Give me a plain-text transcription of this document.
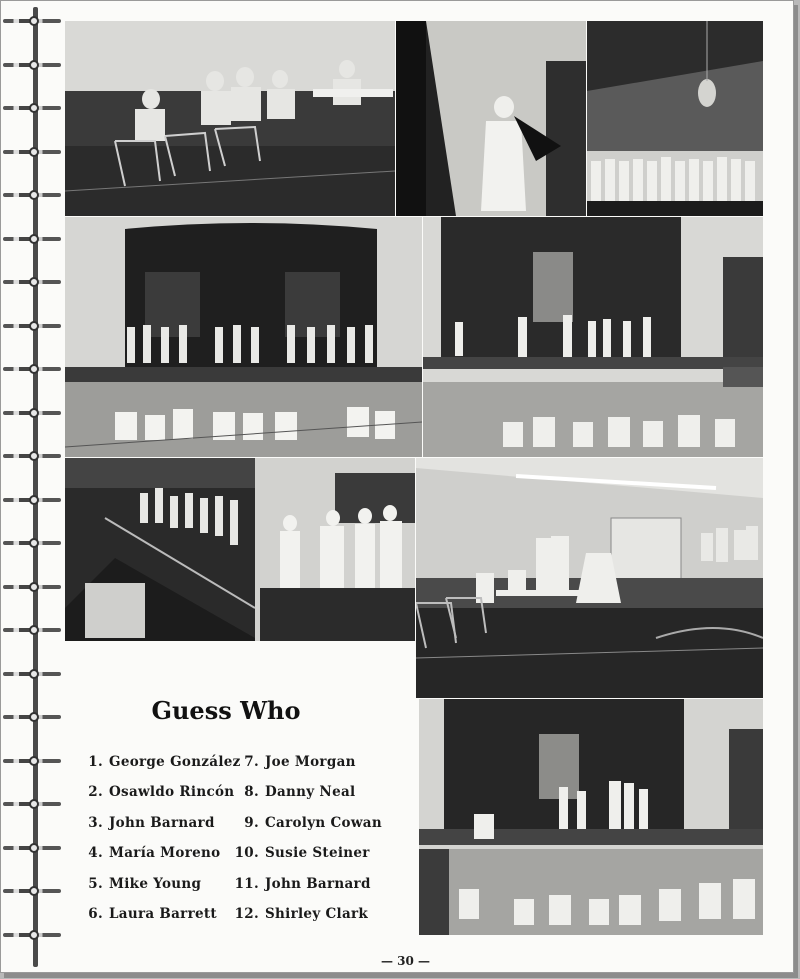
Guess Who
1. George González
2. Osawldo Rincón
3. John Barnard
4. María Moreno
5. Mike Young
6. Laura Barrett
7. Joe Morgan
8. Danny Neal
9. Carolyn Cowan
10. Susie Steiner
11. John Barnard
12. Shirley Clark
— 30 —
